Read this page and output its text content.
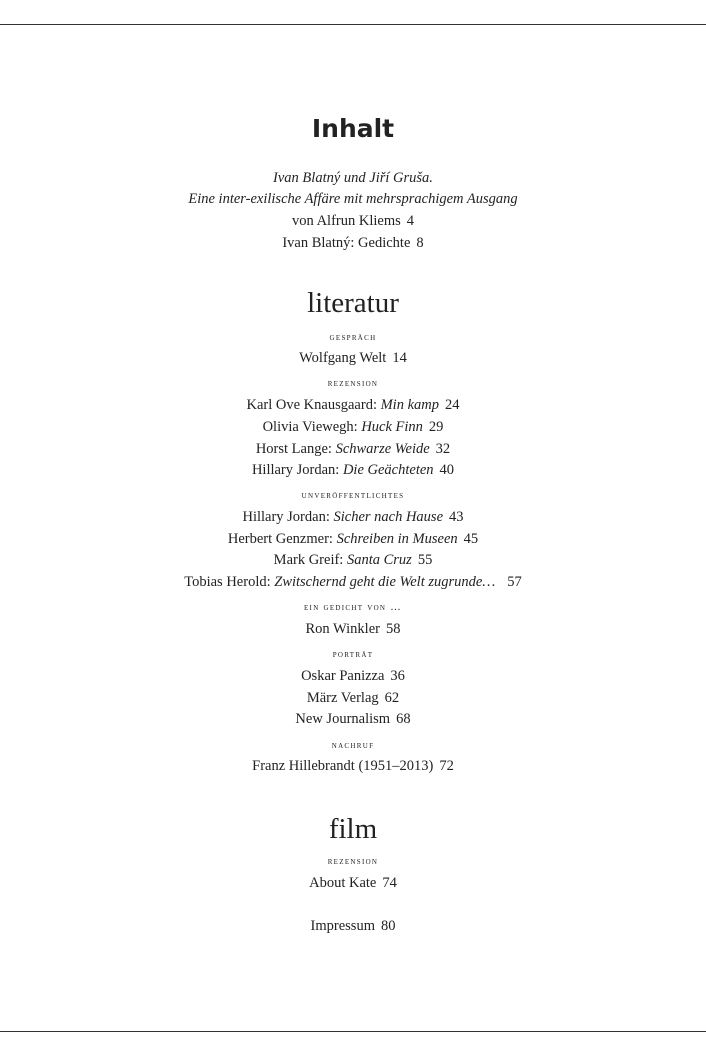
Inhalt
Ivan Blatný und Jiří Gruša.
Eine inter-exilische Affäre mit mehrsprachigem Ausgang
von Alfrun Kliems 4
Ivan Blatný: Gedichte 8
literatur
gespräch
Wolfgang Welt 14
rezension
Karl Ove Knausgaard: Min kamp 24
Olivia Viewegh: Huck Finn 29
Horst Lange: Schwarze Weide 32
Hillary Jordan: Die Geächteten 40
unveröffentlichtes
Hillary Jordan: Sicher nach Hause 43
Herbert Genzmer: Schreiben in Museen 45
Mark Greif: Santa Cruz 55
Tobias Herold: Zwitschernd geht die Welt zugrunde… 57
ein gedicht von …
Ron Winkler 58
porträt
Oskar Panizza 36
März Verlag 62
New Journalism 68
nachruf
Franz Hillebrandt (1951–2013) 72
film
rezension
About Kate 74
Impressum 80
